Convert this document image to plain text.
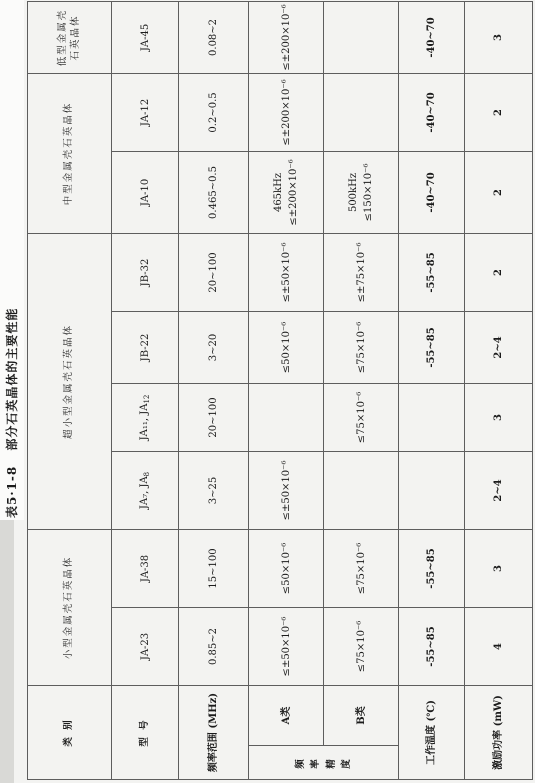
表5·1-8 部分石英晶体的主要性能
类 别		小型金属壳石英晶体		超小型金属壳石英晶体				中型金属壳石英晶体		低型金属壳石英晶体
型 号		JA-23	JA-38	JA₇, $JA_8$	JA₁₁, $JA_{12}$	JB-22	JB-32	JA-10	JA-12	JA-45
频率范围 (MHz)		0.85~2	15~100	3~25	20~100	3~20	20~100	0.465~0.5	0.2~0.5	0.08~2

频 率 精 度	A类	≤±50×10⁻⁶	≤50×10⁻⁶	≤±50×10⁻⁶		≤50×10⁻⁶	≤±50×10⁻⁶	465kHz ≤±200×10⁻⁶	≤±200×10⁻⁶	≤±200×10⁻⁶
	B类	≤75×10⁻⁶	≤75×10⁻⁶		≤75×10⁻⁶	≤75×10⁻⁶	≤±75×10⁻⁶	500kHz ≤150×10⁻⁶		

工作温度 (℃)		-55~85	-55~85			-55~85	-55~85	-40~70	-40~70	-40~70
激励功率 (mW)		4	3	2~4	3	2~4	2	2	2	3
